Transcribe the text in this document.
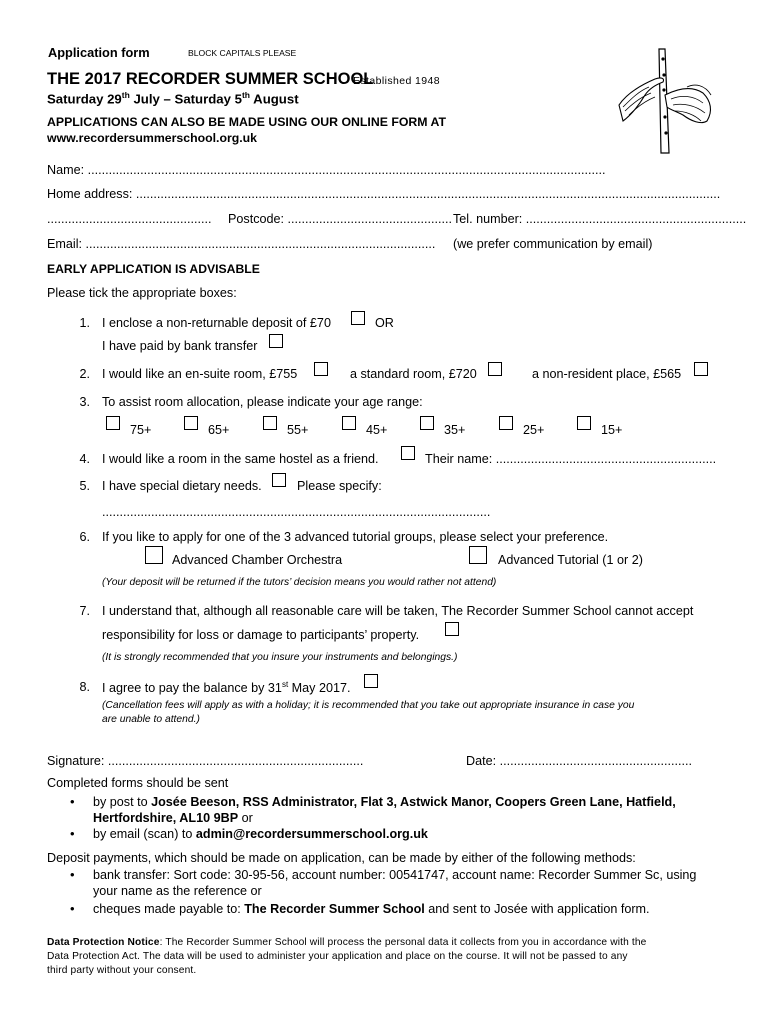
Application form	BLOCK CAPITALS PLEASE
THE 2017 RECORDER SUMMER SCHOOL
Established 1948
Saturday 29th July – Saturday 5th August
APPLICATIONS CAN ALSO BE MADE USING OUR ONLINE FORM AT
www.recordersummerschool.org.uk
Name: ....................................................................................................................................................
Home address: .......................................................................................................................................................................
............................................... Postcode: ............................................... Tel. number: ...............................................................
Email: .................................................................................................... (we prefer communication by email)
EARLY APPLICATION IS ADVISABLE
Please tick the appropriate boxes:
1. I enclose a non-returnable deposit of £70	OR
I have paid by bank transfer
2. I would like an en-suite room, £755	a standard room, £720	a non-resident place, £565
3. To assist room allocation, please indicate your age range:
75+	65+	55+	45+	35+	25+	15+
4. I would like a room in the same hostel as a friend.	Their name: ...............................................................
5. I have special dietary needs.	Please specify:
...............................................................................................................
6. If you like to apply for one of the 3 advanced tutorial groups, please select your preference.
Advanced Chamber Orchestra	Advanced Tutorial (1 or 2)
(Your deposit will be returned if the tutors’ decision means you would rather not attend)
7. I understand that, although all reasonable care will be taken, The Recorder Summer School cannot accept
responsibility for loss or damage to participants’ property.
(It is strongly recommended that you insure your instruments and belongings.)
8. I agree to pay the balance by 31st May 2017.
(Cancellation fees will apply as with a holiday; it is recommended that you take out appropriate insurance in case you
are unable to attend.)
Signature: .........................................................................	Date: .......................................................
Completed forms should be sent
• by post to Josée Beeson, RSS Administrator, Flat 3, Astwick Manor, Coopers Green Lane, Hatfield,
Hertfordshire, AL10 9BP or
• by email (scan) to admin@recordersummerschool.org.uk
Deposit payments, which should be made on application, can be made by either of the following methods:
• bank transfer: Sort code: 30-95-56, account number: 00541747, account name: Recorder Summer Sc, using
your name as the reference or
• cheques made payable to: The Recorder Summer School and sent to Josée with application form.
Data Protection Notice: The Recorder Summer School will process the personal data it collects from you in accordance with the
Data Protection Act. The data will be used to administer your application and place on the course. It will not be passed to any
third party without your consent.
